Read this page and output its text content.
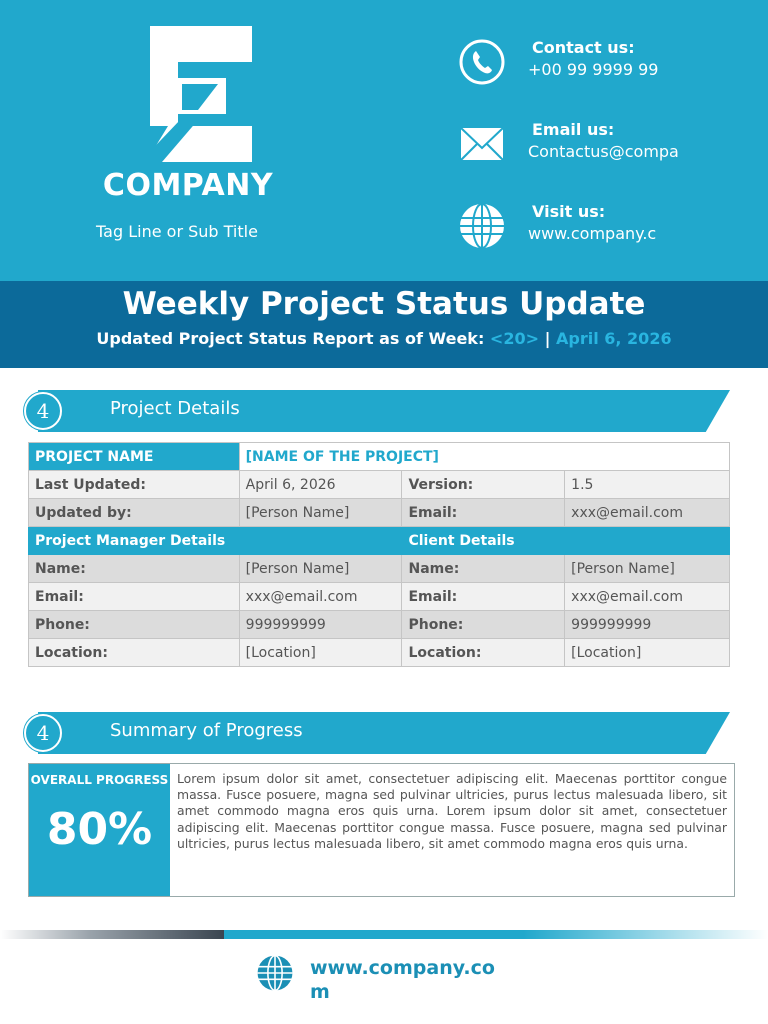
COMPANY
Tag Line or Sub Title
Contact us:
+00 99 9999 99
Email us:
Contactus@compa
Visit us:
www.company.c
Weekly Project Status Update
Updated Project Status Report as of Week: <20> | April 6, 2026
4	Project Details
PROJECT NAME	[NAME OF THE PROJECT]		
Last Updated:	April 6, 2026	Version:	1.5
Updated by:	[Person Name]	Email:	xxx@email.com
Project Manager Details		Client Details	
Name:	[Person Name]	Name:	[Person Name]
Email:	xxx@email.com	Email:	xxx@email.com
Phone:	999999999	Phone:	999999999
Location:	[Location]	Location:	[Location]
4	Summary of Progress
OVERALL PROGRESS
80%
Lorem ipsum dolor sit amet, consectetuer adipiscing elit. Maecenas porttitor congue massa. Fusce posuere, magna sed pulvinar ultricies, purus lectus malesuada libero, sit amet commodo magna eros quis urna. Lorem ipsum dolor sit amet, consectetuer adipiscing elit. Maecenas porttitor congue massa. Fusce posuere, magna sed pulvinar ultricies, purus lectus malesuada libero, sit amet commodo magna eros quis urna.
www.company.com
